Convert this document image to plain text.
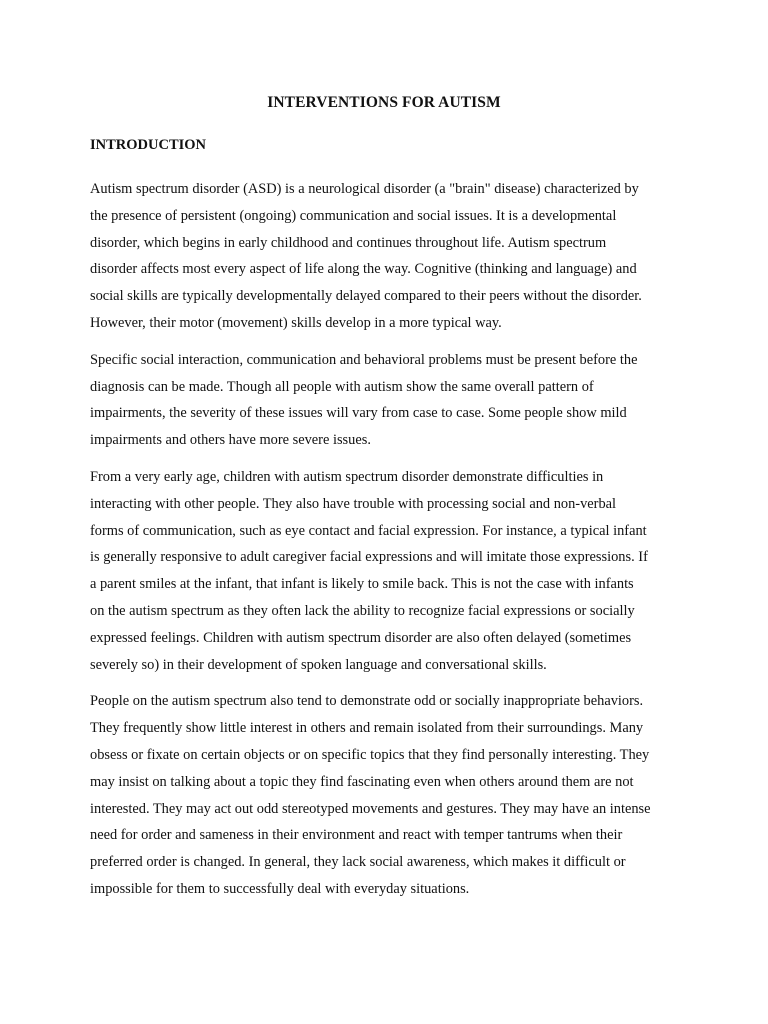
INTERVENTIONS FOR AUTISM
INTRODUCTION

Autism spectrum disorder (ASD) is a neurological disorder (a "brain" disease) characterized by
the presence of persistent (ongoing) communication and social issues. It is a developmental
disorder, which begins in early childhood and continues throughout life. Autism spectrum
disorder affects most every aspect of life along the way. Cognitive (thinking and language) and
social skills are typically developmentally delayed compared to their peers without the disorder.
However, their motor (movement) skills develop in a more typical way.

Specific social interaction, communication and behavioral problems must be present before the
diagnosis can be made. Though all people with autism show the same overall pattern of
impairments, the severity of these issues will vary from case to case. Some people show mild
impairments and others have more severe issues.

From a very early age, children with autism spectrum disorder demonstrate difficulties in
interacting with other people. They also have trouble with processing social and non-verbal
forms of communication, such as eye contact and facial expression. For instance, a typical infant
is generally responsive to adult caregiver facial expressions and will imitate those expressions. If
a parent smiles at the infant, that infant is likely to smile back. This is not the case with infants
on the autism spectrum as they often lack the ability to recognize facial expressions or socially
expressed feelings. Children with autism spectrum disorder are also often delayed (sometimes
severely so) in their development of spoken language and conversational skills.

People on the autism spectrum also tend to demonstrate odd or socially inappropriate behaviors.
They frequently show little interest in others and remain isolated from their surroundings. Many
obsess or fixate on certain objects or on specific topics that they find personally interesting. They
may insist on talking about a topic they find fascinating even when others around them are not
interested. They may act out odd stereotyped movements and gestures. They may have an intense
need for order and sameness in their environment and react with temper tantrums when their
preferred order is changed. In general, they lack social awareness, which makes it difficult or
impossible for them to successfully deal with everyday situations.
